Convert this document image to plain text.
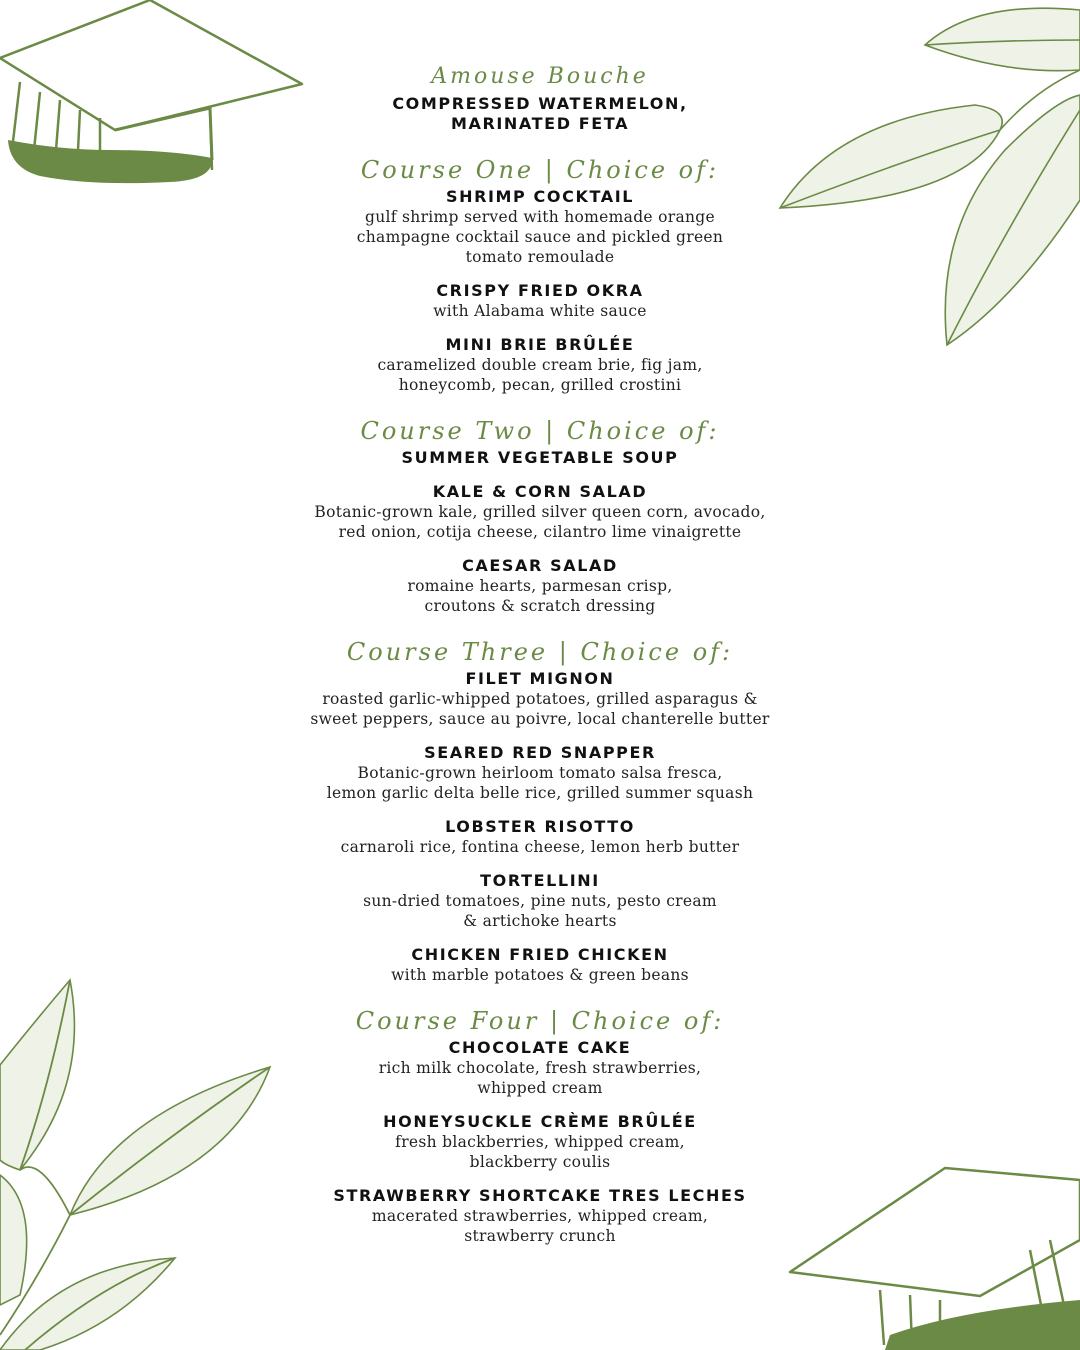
Amouse Bouche
COMPRESSED WATERMELON,
MARINATED FETA
Course One | Choice of:
SHRIMP COCKTAIL
gulf shrimp served with homemade orange
champagne cocktail sauce and pickled green
tomato remoulade
CRISPY FRIED OKRA
with Alabama white sauce
MINI BRIE BRÛLÉE
caramelized double cream brie, fig jam,
honeycomb, pecan, grilled crostini
Course Two | Choice of:
SUMMER VEGETABLE SOUP
KALE & CORN SALAD
Botanic-grown kale, grilled silver queen corn, avocado,
red onion, cotija cheese, cilantro lime vinaigrette
CAESAR SALAD
romaine hearts, parmesan crisp,
croutons & scratch dressing
Course Three | Choice of:
FILET MIGNON
roasted garlic-whipped potatoes, grilled asparagus &
sweet peppers, sauce au poivre, local chanterelle butter
SEARED RED SNAPPER
Botanic-grown heirloom tomato salsa fresca,
lemon garlic delta belle rice, grilled summer squash
LOBSTER RISOTTO
carnaroli rice, fontina cheese, lemon herb butter
TORTELLINI
sun-dried tomatoes, pine nuts, pesto cream
& artichoke hearts
CHICKEN FRIED CHICKEN
with marble potatoes & green beans
Course Four | Choice of:
CHOCOLATE CAKE
rich milk chocolate, fresh strawberries,
whipped cream
HONEYSUCKLE CRÈME BRÛLÉE
fresh blackberries, whipped cream,
blackberry coulis
STRAWBERRY SHORTCAKE TRES LECHES
macerated strawberries, whipped cream,
strawberry crunch
